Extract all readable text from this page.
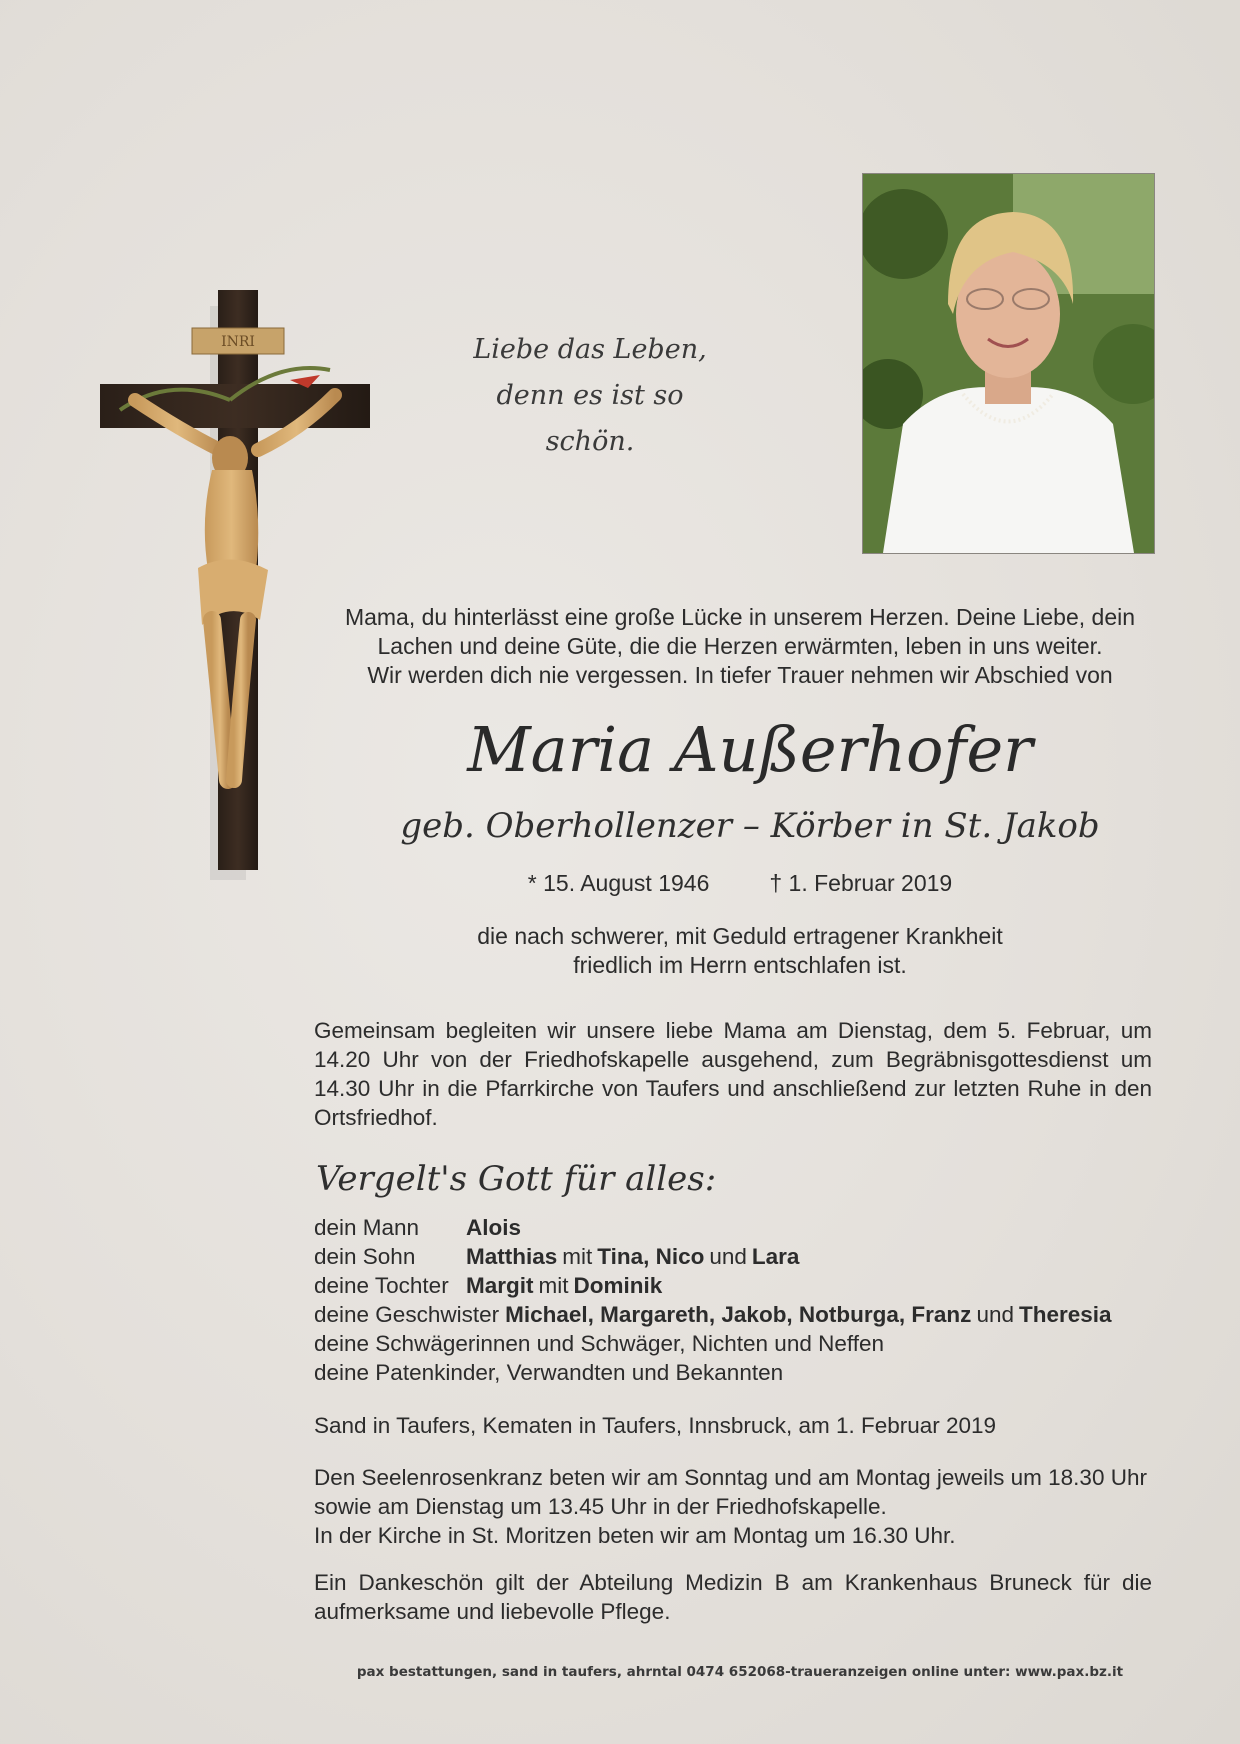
INRI	Liebe das Leben,
denn es ist so schön.
Mama, du hinterlässt eine große Lücke in unserem Herzen. Deine Liebe, dein
Lachen und deine Güte, die die Herzen erwärmten, leben in uns weiter.
Wir werden dich nie vergessen. In tiefer Trauer nehmen wir Abschied von
Maria Außerhofer
geb. Oberhollenzer – Körber in St. Jakob
* 15. August 1946	† 1. Februar 2019
die nach schwerer, mit Geduld ertragener Krankheit
friedlich im Herrn entschlafen ist.
Gemeinsam begleiten wir unsere liebe Mama am Dienstag, dem 5. Februar, um 14.20 Uhr von der Friedhofskapelle ausgehend, zum Begräbnisgottesdienst um 14.30 Uhr in die Pfarrkirche von Taufers und anschließend zur letzten Ruhe in den Ortsfriedhof.
Vergelt's Gott für alles:
dein Mann	Alois
dein Sohn	Matthias mit Tina, Nico und Lara
deine Tochter Margit mit Dominik
deine Geschwister Michael, Margareth, Jakob, Notburga, Franz und Theresia
deine Schwägerinnen und Schwäger, Nichten und Neffen
deine Patenkinder, Verwandten und Bekannten
Sand in Taufers, Kematen in Taufers, Innsbruck, am 1. Februar 2019
Den Seelenrosenkranz beten wir am Sonntag und am Montag jeweils um 18.30 Uhr
sowie am Dienstag um 13.45 Uhr in der Friedhofskapelle.
In der Kirche in St. Moritzen beten wir am Montag um 16.30 Uhr.
Ein Dankeschön gilt der Abteilung Medizin B am Krankenhaus Bruneck für die aufmerksame und liebevolle Pflege.
pax bestattungen, sand in taufers, ahrntal 0474 652068-traueranzeigen online unter: www.pax.bz.it
